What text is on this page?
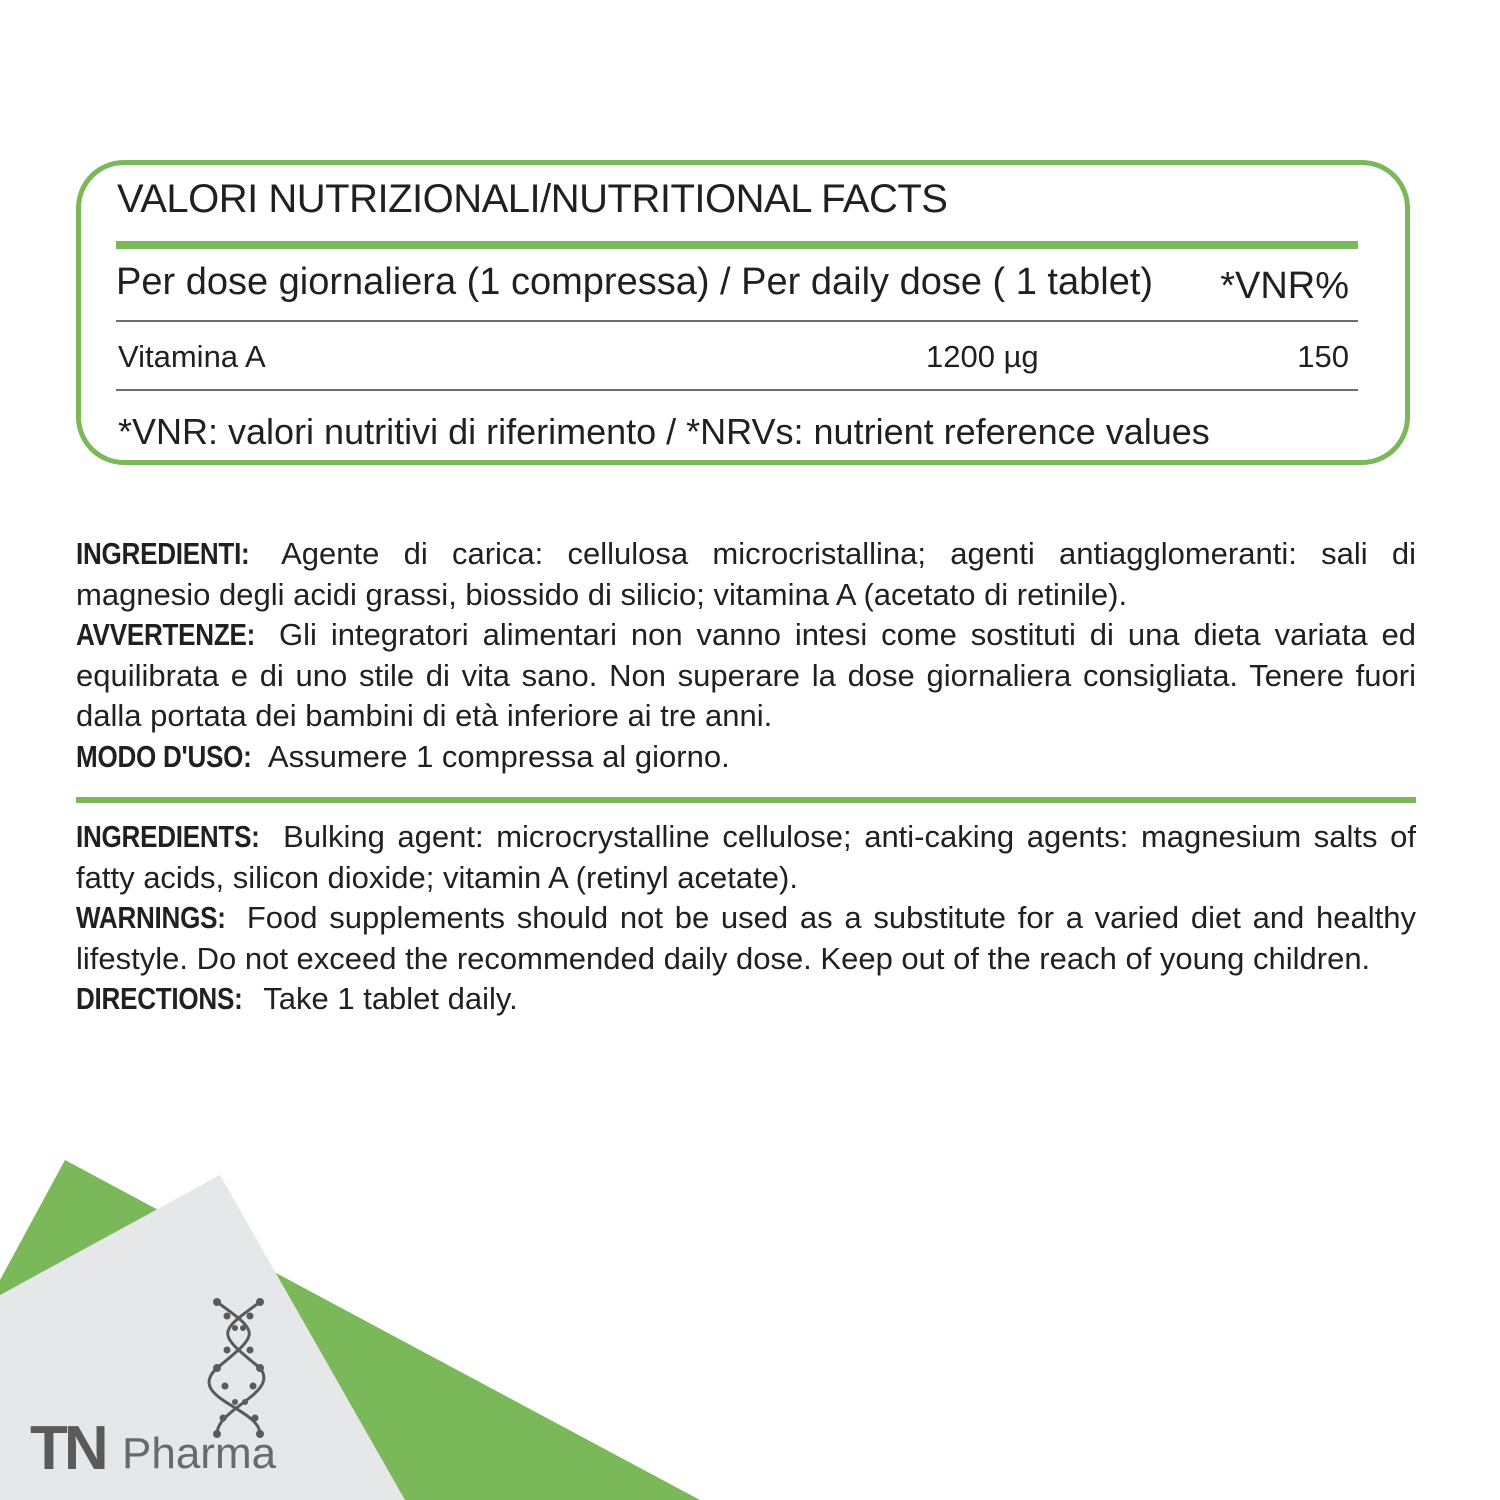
VALORI NUTRIZIONALI/NUTRITIONAL FACTS
Per dose giornaliera (1 compressa) / Per daily dose ( 1 tablet) *VNR%
Vitamina A	1200 µg	150
*VNR: valori nutritivi di riferimento / *NRVs: nutrient reference values

INGREDIENTI: Agente di carica: cellulosa microcristallina; agenti antiagglomeranti: sali di magnesio degli acidi grassi, biossido di silicio; vitamina A (acetato di retinile).

AVVERTENZE: Gli integratori alimentari non vanno intesi come sostituti di una dieta variata ed equilibrata e di uno stile di vita sano. Non superare la dose giornaliera consigliata. Tenere fuori dalla portata dei bambini di età inferiore ai tre anni.

MODO D'USO: Assumere 1 compressa al giorno.

INGREDIENTS: Bulking agent: microcrystalline cellulose; anti-caking agents: magnesium salts of fatty acids, silicon dioxide; vitamin A (retinyl acetate).

WARNINGS: Food supplements should not be used as a substitute for a varied diet and healthy lifestyle. Do not exceed the recommended daily dose. Keep out of the reach of young children.

DIRECTIONS: Take 1 tablet daily.

TN Pharma
